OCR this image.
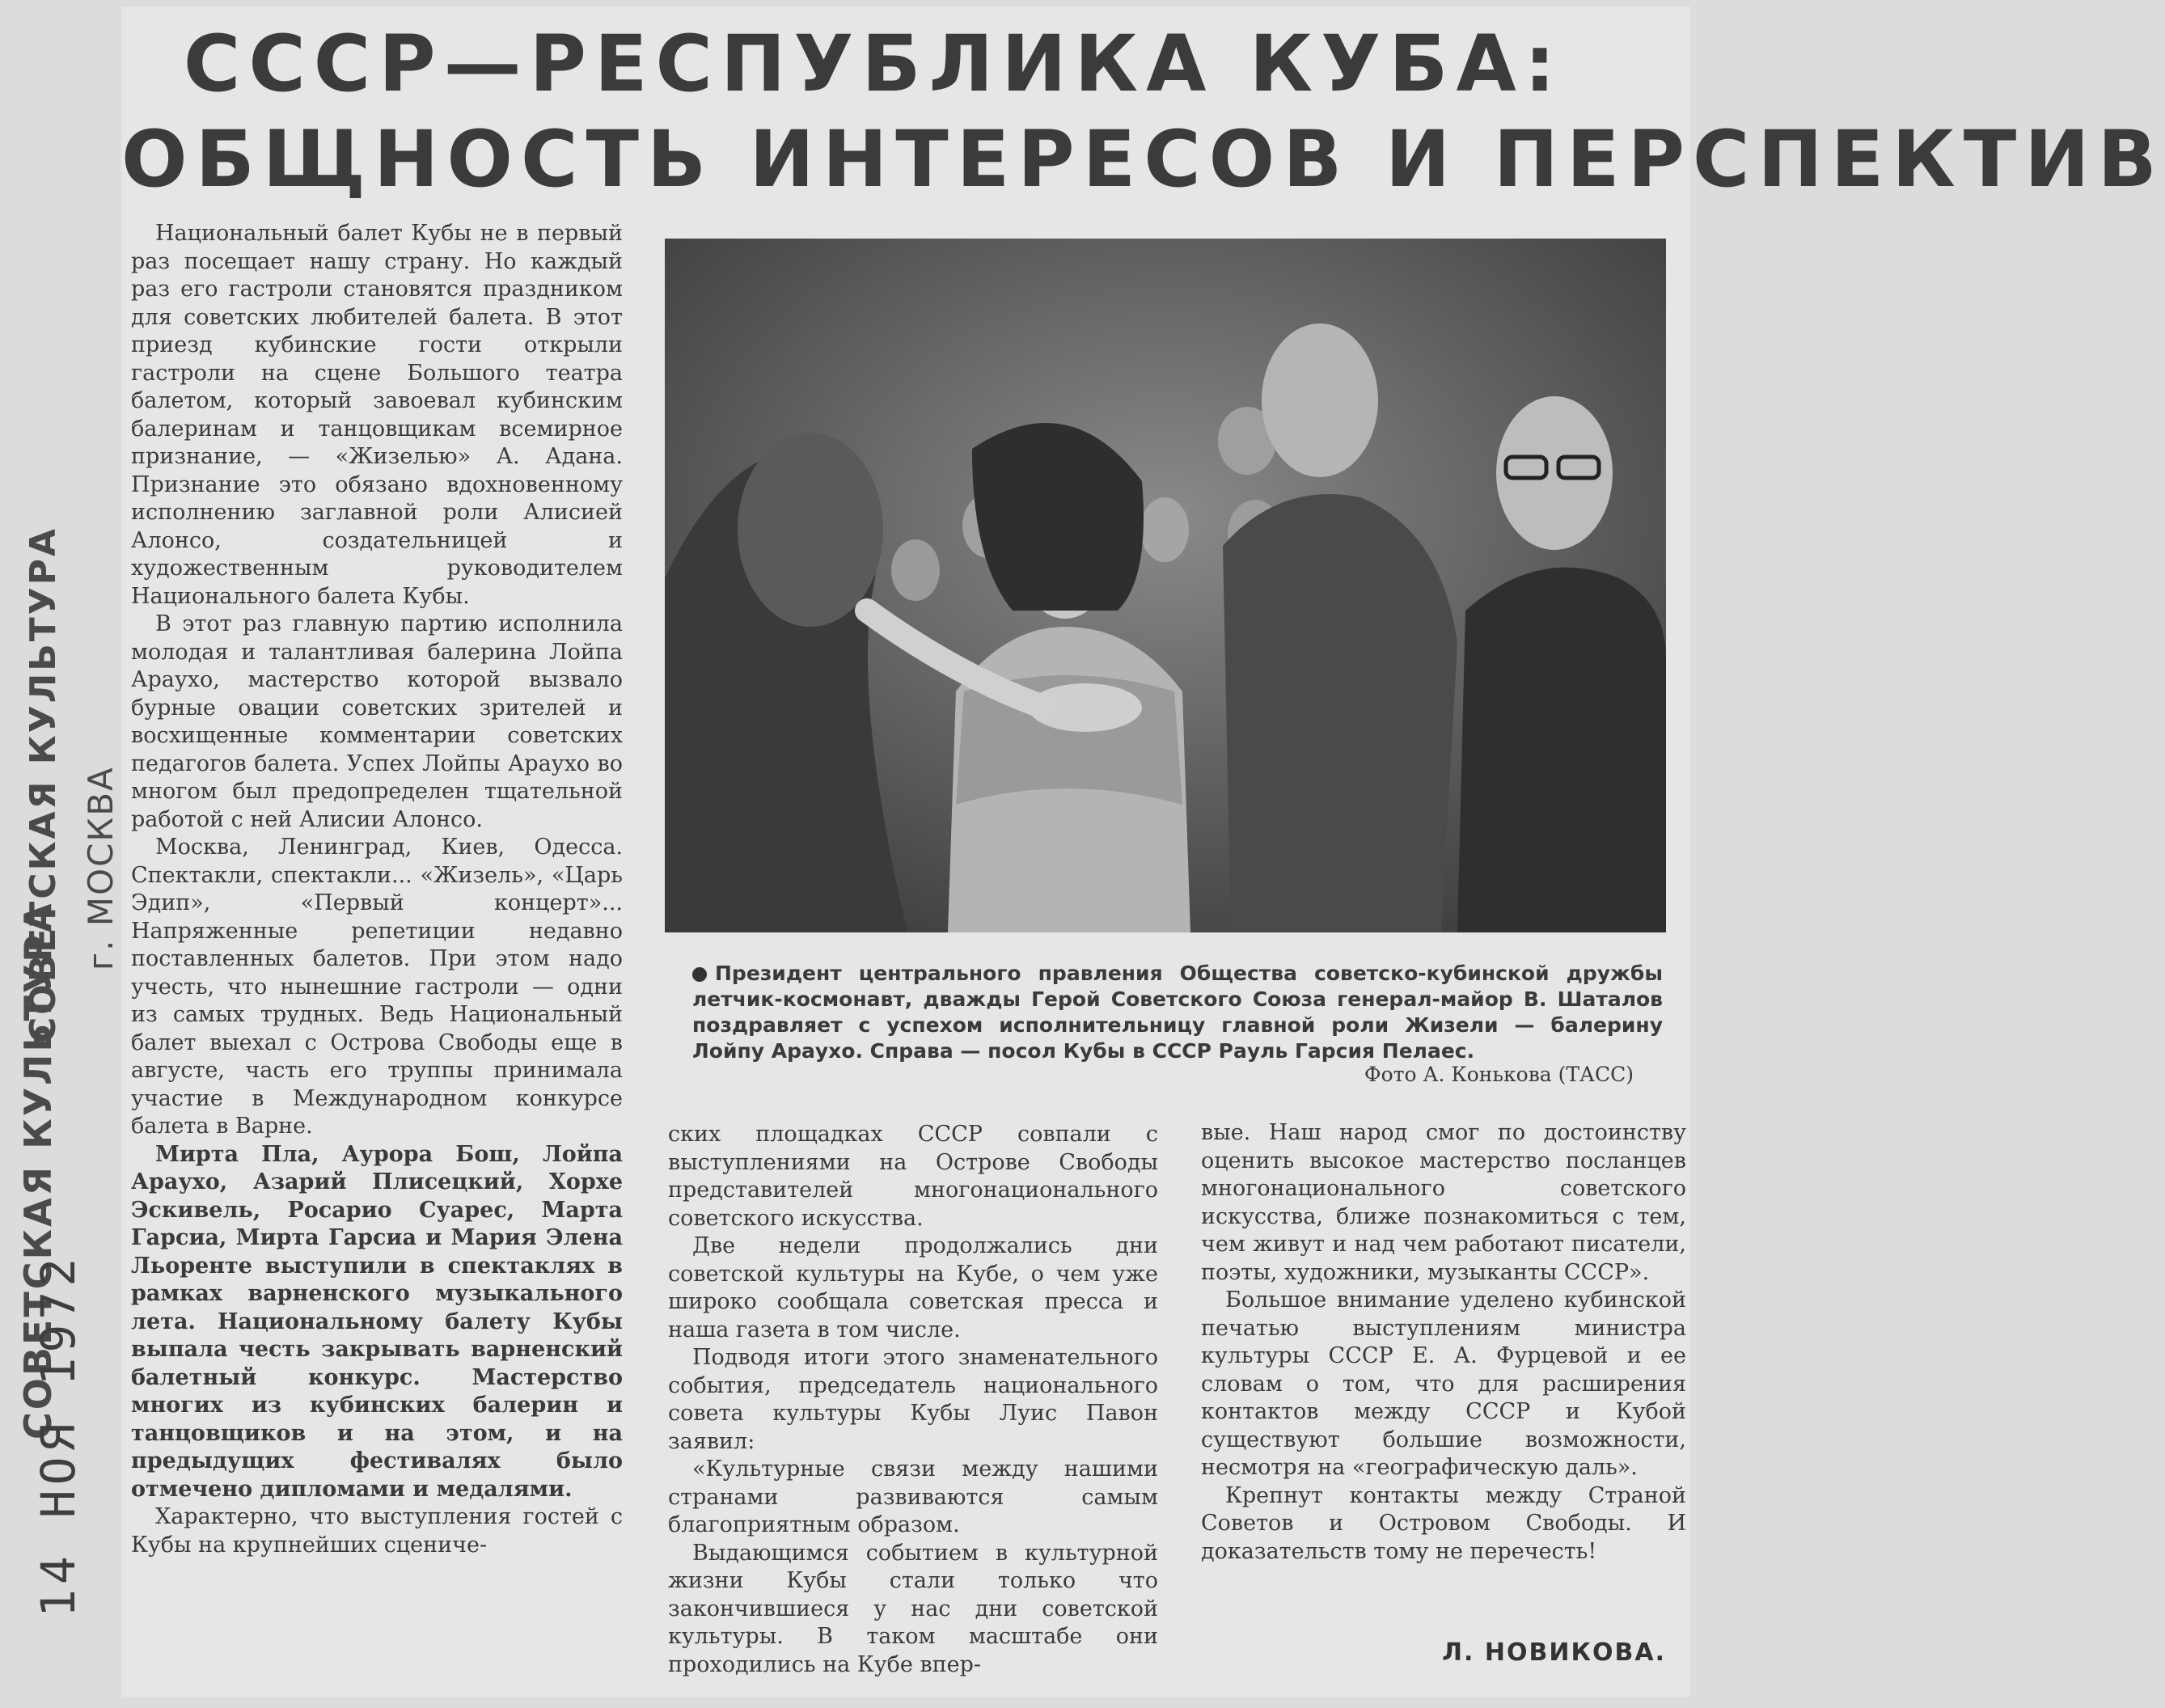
СОВЕТСКАЯ КУЛЬТУРА
СОВЕТСКАЯ КУЛЬТУРА г. МОСКВА
14 НОЯ 1972
СССР—РЕСПУБЛИКА КУБА:
ОБЩНОСТЬ ИНТЕРЕСОВ И ПЕРСПЕКТИВ

Национальный балет Кубы не в первый раз посещает нашу страну. Но каждый раз его гастроли становятся праздником для советских любителей балета. В этот приезд кубинские гости открыли гастроли на сцене Большого театра балетом, который завоевал кубинским балеринам и танцовщикам всемирное признание, — «Жизелью» А. Адана. Признание это обязано вдохновенному исполнению заглавной роли Алисией Алонсо, создательницей и художественным руководителем Национального балета Кубы.

В этот раз главную партию исполнила молодая и талантливая балерина Лойпа Араухо, мастерство которой вызвало бурные овации советских зрителей и восхищенные комментарии советских педагогов балета. Успех Лойпы Араухо во многом был предопределен тщательной работой с ней Алисии Алонсо.

Москва, Ленинград, Киев, Одесса. Спектакли, спектакли... «Жизель», «Царь Эдип», «Первый концерт»... Напряженные репетиции недавно поставленных балетов. При этом надо учесть, что нынешние гастроли — одни из самых трудных. Ведь Национальный балет выехал с Острова Свободы еще в августе, часть его труппы принимала участие в Международном конкурсе балета в Варне.

Мирта Пла, Аурора Бош, Лойпа Араухо, Азарий Плисецкий, Хорхе Эскивель, Росарио Суарес, Марта Гарсиа, Мирта Гарсиа и Мария Элена Льоренте выступили в спектаклях в рамках варненского музыкального лета. Национальному балету Кубы выпала честь закрывать варненский балетный конкурс. Мастерство многих из кубинских балерин и танцовщиков и на этом, и на предыдущих фестивалях было отмечено дипломами и медалями.

Характерно, что выступления гостей с Кубы на крупнейших сцениче-

Президент центрального правления Общества советско-кубинской дружбы летчик-космонавт, дважды Герой Советского Союза генерал-майор В. Шаталов поздравляет с успехом исполнительницу главной роли Жизели — балерину Лойпу Араухо. Справа — посол Кубы в СССР Рауль Гарсия Пелаес.
Фото А. Конькова (ТАСС)

ских площадках СССР совпали с выступлениями на Острове Свободы представителей многонационального советского искусства.

Две недели продолжались дни советской культуры на Кубе, о чем уже широко сообщала советская пресса и наша газета в том числе.

Подводя итоги этого знаменательного события, председатель национального совета культуры Кубы Луис Павон заявил:

«Культурные связи между нашими странами развиваются самым благоприятным образом.

Выдающимся событием в культурной жизни Кубы стали только что закончившиеся у нас дни советской культуры. В таком масштабе они проходились на Кубе впер-

вые. Наш народ смог по достоинству оценить высокое мастерство посланцев многонационального советского искусства, ближе познакомиться с тем, чем живут и над чем работают писатели, поэты, художники, музыканты СССР».

Большое внимание уделено кубинской печатью выступлениям министра культуры СССР Е. А. Фурцевой и ее словам о том, что для расширения контактов между СССР и Кубой существуют большие возможности, несмотря на «географическую даль».

Крепнут контакты между Страной Советов и Островом Свободы. И доказательств тому не перечесть!

Л. НОВИКОВА.
